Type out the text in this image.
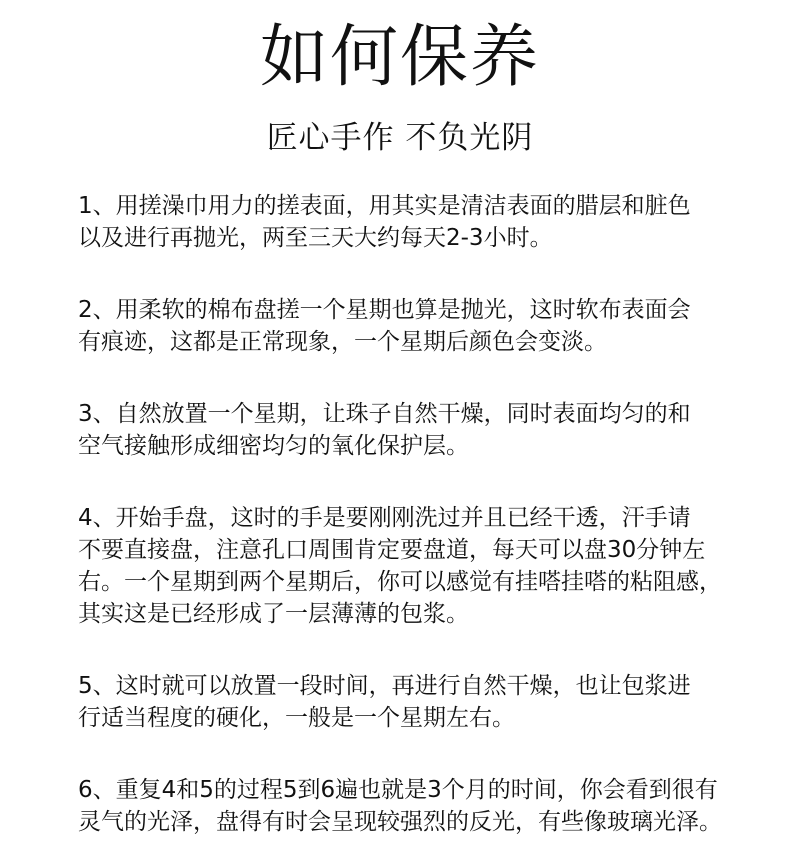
如何保养
匠心手作 不负光阴

1、用搓澡巾用力的搓表面，用其实是清洁表面的腊层和脏色
以及进行再抛光，两至三天大约每天2-3小时。

2、用柔软的棉布盘搓一个星期也算是抛光，这时软布表面会
有痕迹，这都是正常现象，一个星期后颜色会变淡。

3、自然放置一个星期，让珠子自然干燥，同时表面均匀的和
空气接触形成细密均匀的氧化保护层。

4、开始手盘，这时的手是要刚刚洗过并且已经干透，汗手请
不要直接盘，注意孔口周围肯定要盘道，每天可以盘30分钟左
右。一个星期到两个星期后，你可以感觉有挂嗒挂嗒的粘阻感，
其实这是已经形成了一层薄薄的包浆。

5、这时就可以放置一段时间，再进行自然干燥，也让包浆进
行适当程度的硬化，一般是一个星期左右。

6、重复4和5的过程5到6遍也就是3个月的时间，你会看到很有
灵气的光泽，盘得有时会呈现较强烈的反光，有些像玻璃光泽。
